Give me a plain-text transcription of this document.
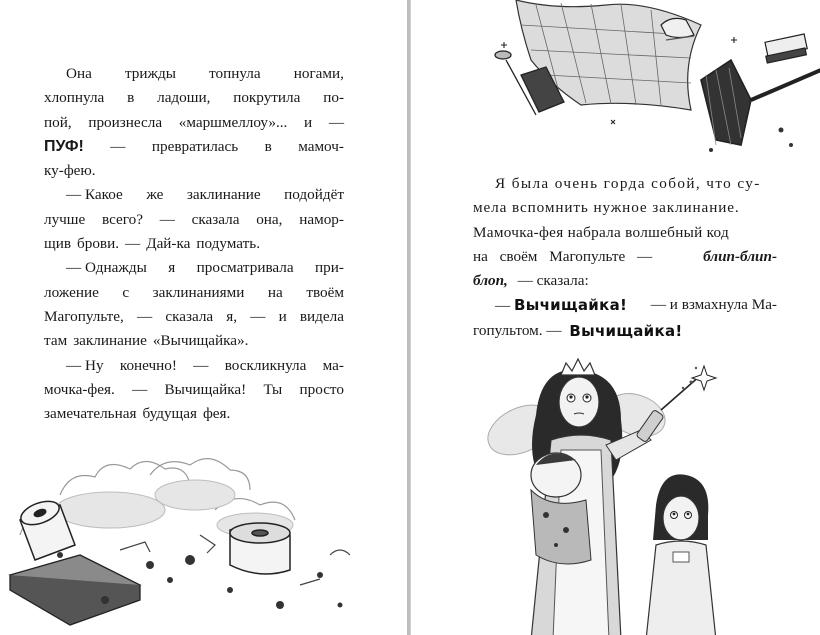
Она трижды топнула ногами,
хлопнула в ладоши, покрутила по-
пой, произнесла «маршмеллоу»... и —
ПУФ! — превратилась в мамоч-
ку-фею.
— Какое же заклинание подойдёт
лучше всего? — сказала она, намор-
щив брови. — Дай-ка подумать.
— Однажды я просматривала при-
ложение с заклинаниями на твоём
Магопульте, — сказала я, — и видела
там заклинание «Вычищайка».
— Ну конечно! — воскликнула ма-
мочка-фея. — Вычищайка! Ты просто
замечательная будущая фея.
Я была очень горда собой, что су-
мела вспомнить нужное заклинание.
Мамочка-фея набрала волшебный код
на своём Магопульте —	блип-блип-
блоп,
— сказала:
— Вычищайка! — и взмахнула Ма-
гопультом. —
Вычищайка!
